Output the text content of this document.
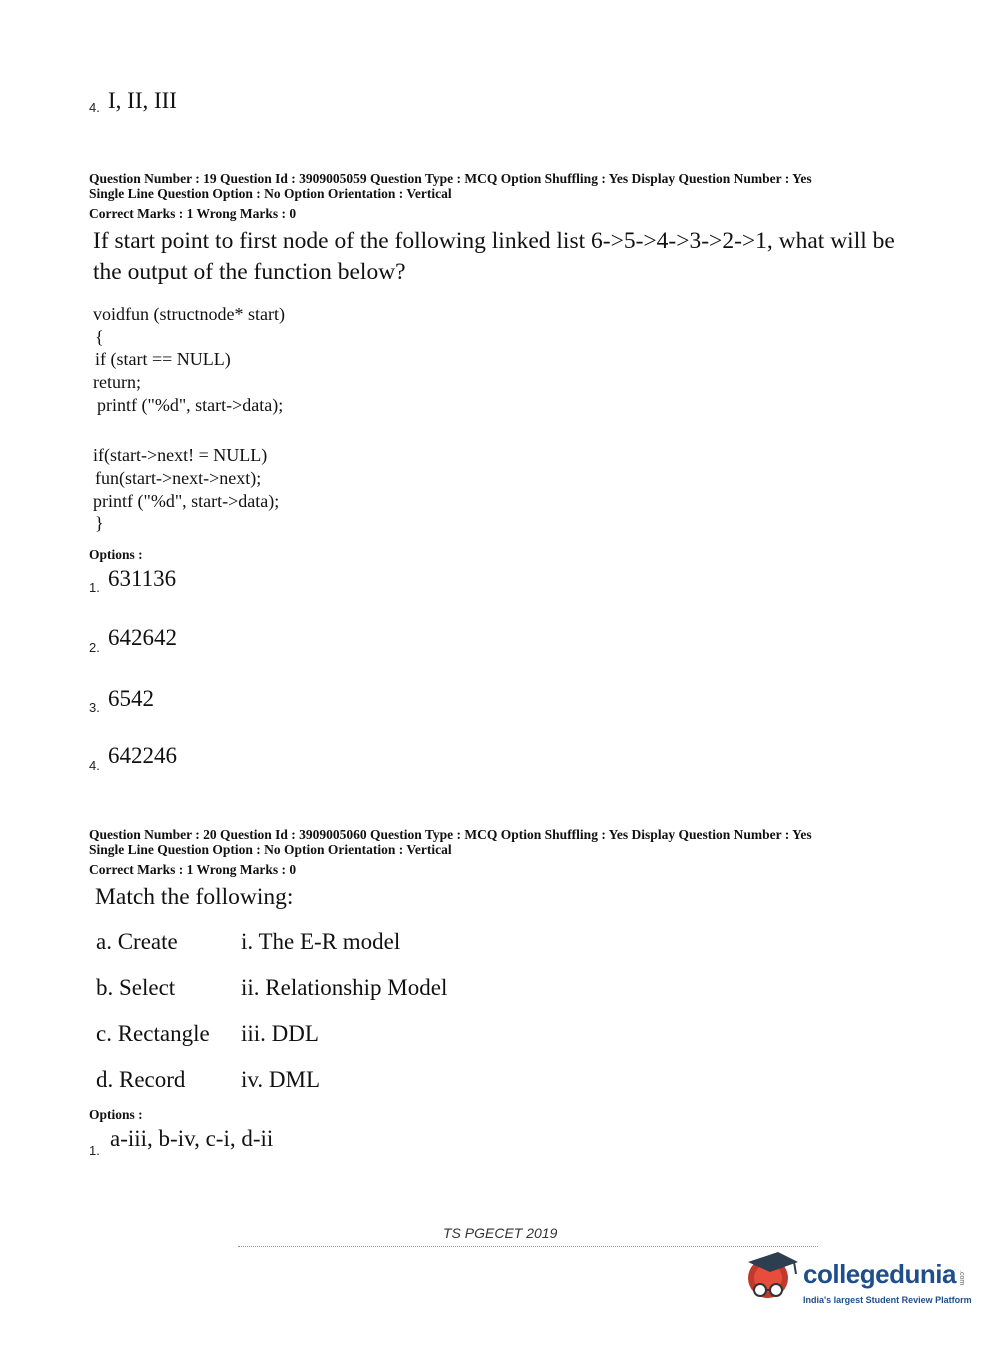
4. I, II, III
Question Number : 19 Question Id : 3909005059 Question Type : MCQ Option Shuffling : Yes Display Question Number : Yes
Single Line Question Option : No Option Orientation : Vertical
Correct Marks : 1 Wrong Marks : 0
If start point to first node of the following linked list 6->5->4->3->2->1, what will be
the output of the function below?
voidfun (structnode* start)
{
if (start == NULL)
return;
printf ("%d", start->data);
if(start->next! = NULL)
fun(start->next->next);
printf ("%d", start->data);
}
Options :
1. 631136
2. 642642
3. 6542
4. 642246
Question Number : 20 Question Id : 3909005060 Question Type : MCQ Option Shuffling : Yes Display Question Number : Yes
Single Line Question Option : No Option Orientation : Vertical
Correct Marks : 1 Wrong Marks : 0
Match the following:
a. Create	i. The E-R model
b. Select	ii. Relationship Model
c. Rectangle iii. DDL
d. Record iv. DML
Options :
1. a-iii, b-iv, c-i, d-ii
TS PGECET 2019
collegedunia .com
India's largest Student Review Platform
